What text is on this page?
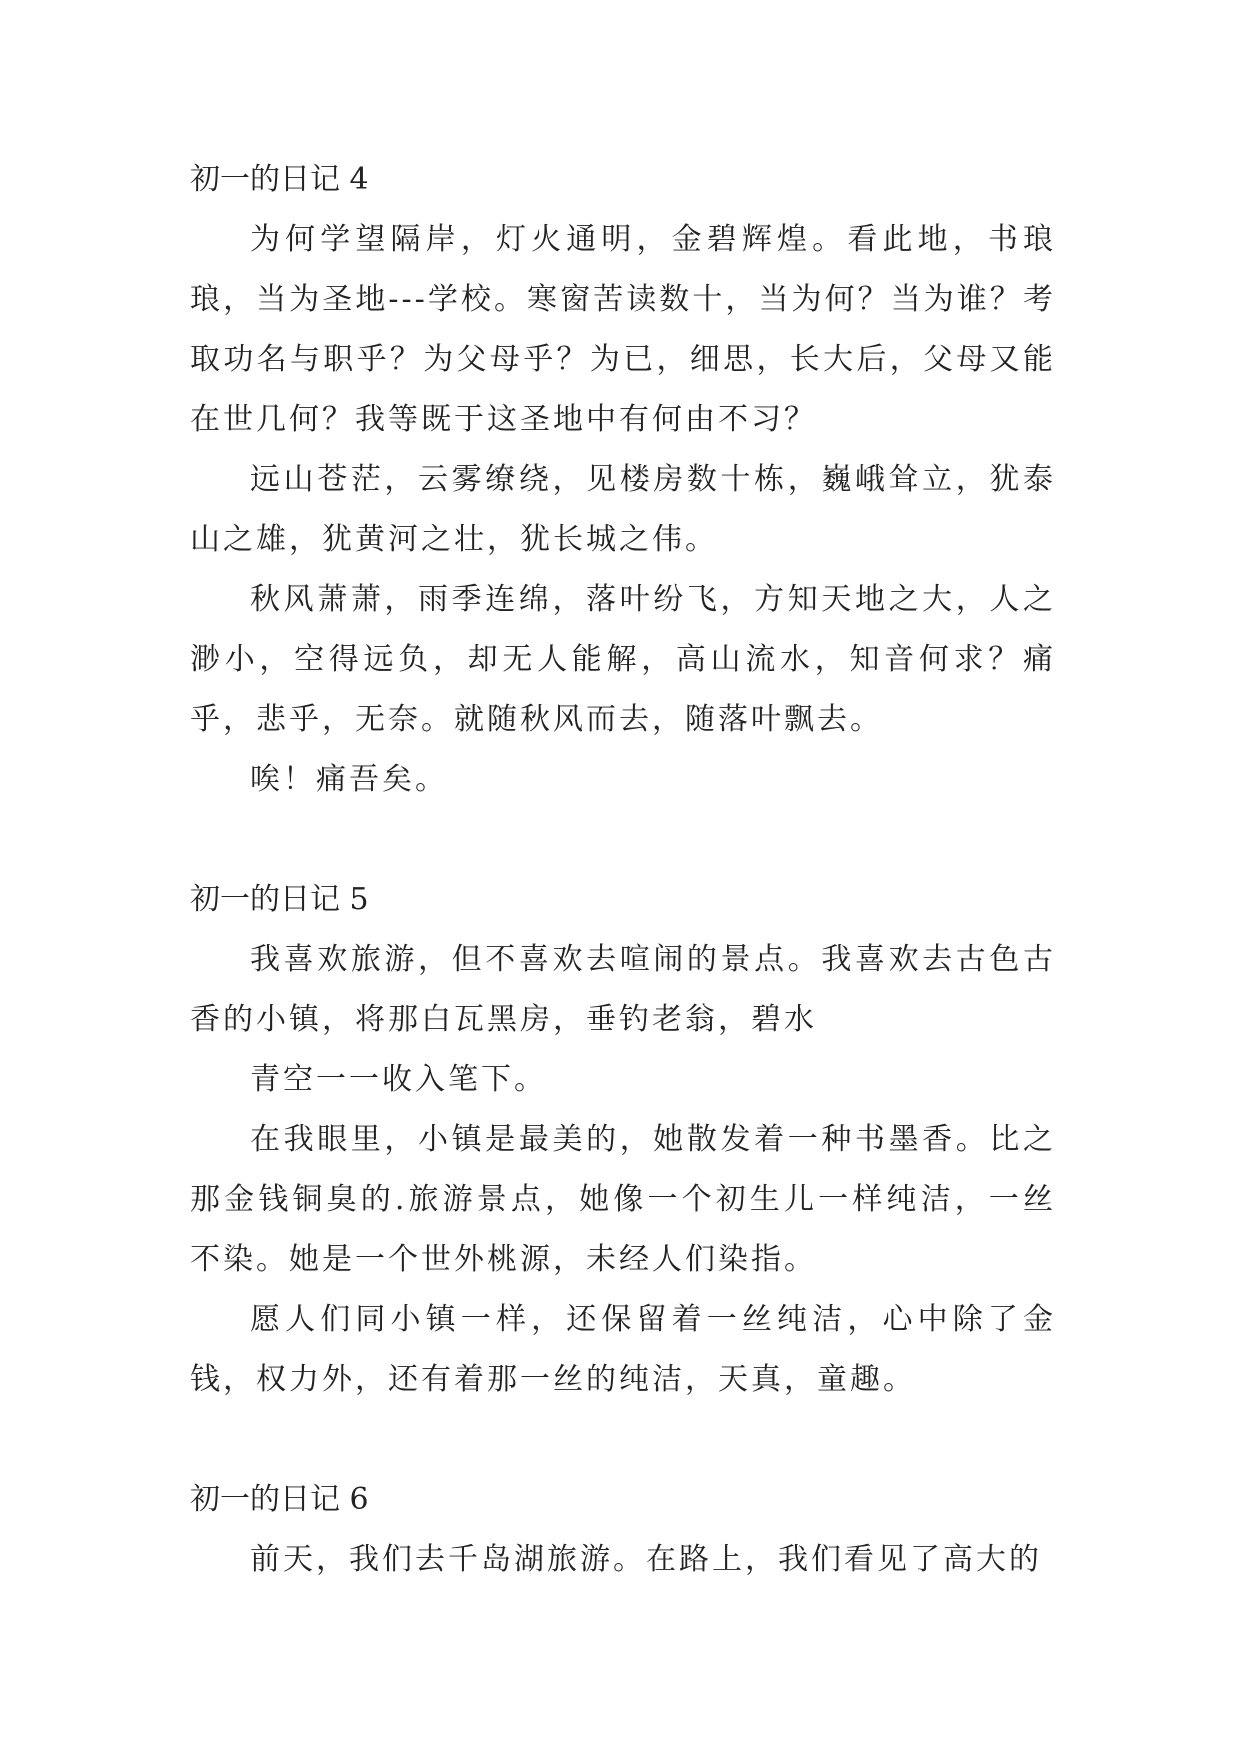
初一的日记 4

为何学望隔岸，灯火通明，金碧辉煌。看此地，书琅琅，当为圣地---学校。寒窗苦读数十，当为何？当为谁？考取功名与职乎？为父母乎？为已，细思，长大后，父母又能在世几何？我等既于这圣地中有何由不习？

远山苍茫，云雾缭绕，见楼房数十栋，巍峨耸立，犹泰山之雄，犹黄河之壮，犹长城之伟。

秋风萧萧，雨季连绵，落叶纷飞，方知天地之大，人之渺小，空得远负，却无人能解，高山流水，知音何求？痛乎，悲乎，无奈。就随秋风而去，随落叶飘去。

唉！痛吾矣。

初一的日记 5

我喜欢旅游，但不喜欢去喧闹的景点。我喜欢去古色古香的小镇，将那白瓦黑房，垂钓老翁，碧水

青空一一收入笔下。

在我眼里，小镇是最美的，她散发着一种书墨香。比之那金钱铜臭的.旅游景点，她像一个初生儿一样纯洁，一丝不染。她是一个世外桃源，未经人们染指。

愿人们同小镇一样，还保留着一丝纯洁，心中除了金钱，权力外，还有着那一丝的纯洁，天真，童趣。

初一的日记 6

前天，我们去千岛湖旅游。在路上，我们看见了高大的
